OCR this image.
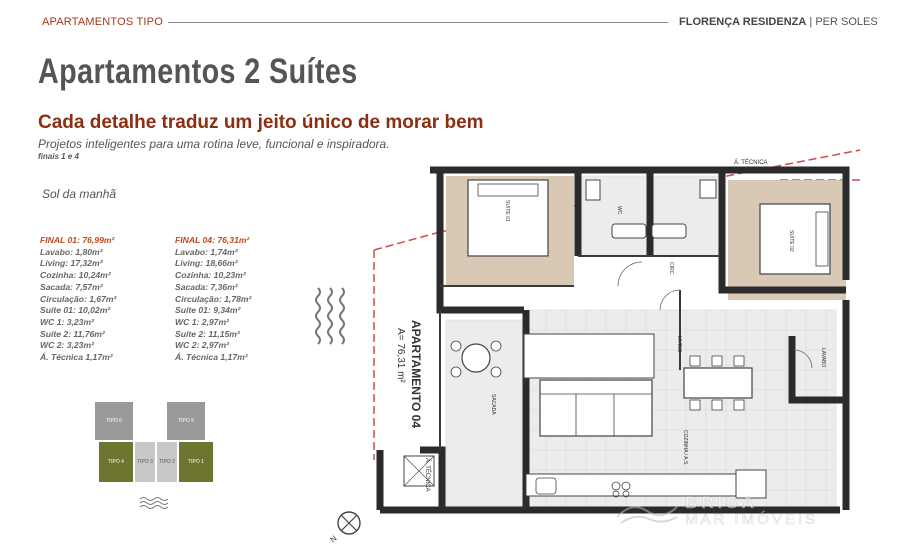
APARTAMENTOS TIPO	FLORENÇA RESIDENZA | PER SOLES
Apartamentos 2 Suítes
Cada detalhe traduz um jeito único de morar bem

Projetos inteligentes para uma rotina leve, funcional e inspiradora.

finais 1 e 4

Sol da manhã

FINAL 01: 76,99m²
Lavabo: 1,80m²
Living: 17,32m²
Cozinha: 10,24m²
Sacada: 7,57m²
Circulação: 1,67m²
Suíte 01: 10,02m²
WC 1: 3,23m²
Suíte 2: 11,76m²
WC 2: 3,23m²
Á. Técnica 1,17m²
FINAL 04: 76,31m²
Lavabo: 1,74m²
Living: 18,66m²
Cozinha: 10,23m²
Sacada: 7,36m²
Circulação: 1,78m²
Suíte 01: 9,34m²
WC 1: 2,97m²
Suíte 2: 11,15m²
WC 2: 2,97m²
Á. Técnica 1,17m²
TIPO 6	TIPO 5
TIPO 4	TIPO 3	TIPO 2	TIPO 1
APARTAMENTO 04
A= 76,31 m²
Á. TÉCNICA
Á. TÉCNICA
SUÍTE 01
SUÍTE 02
LIVING
SACADA
COZINHA / A.S.
LAVABO
CIRC.
WC
N
BRISA
MAR IMÓVEIS
